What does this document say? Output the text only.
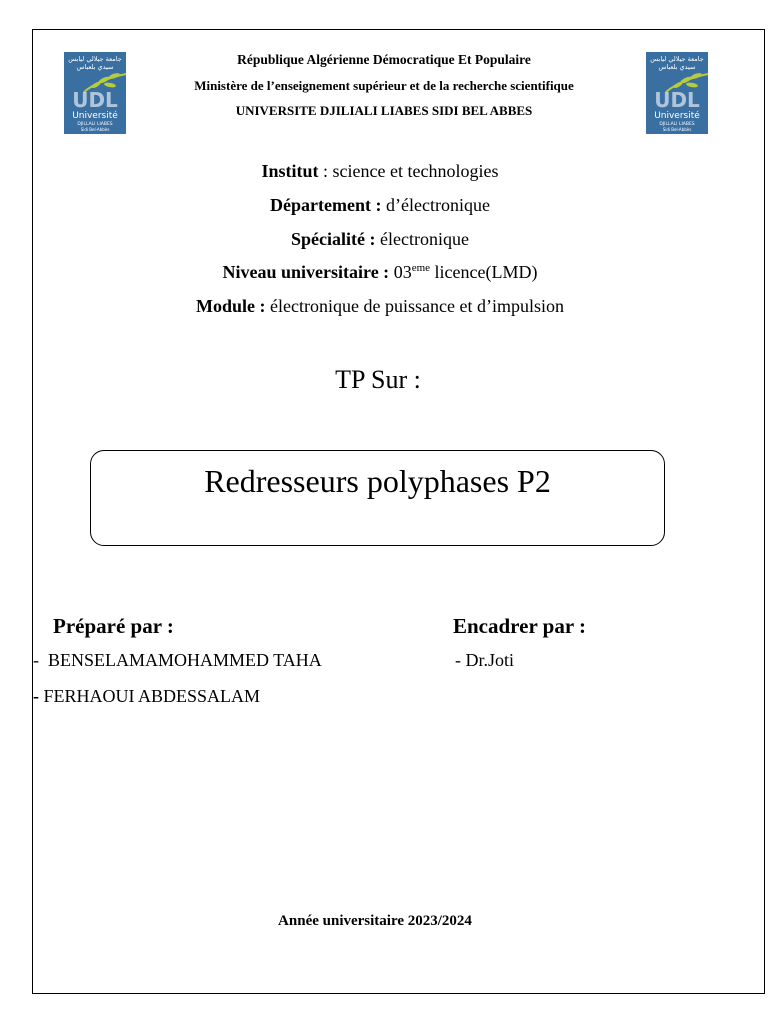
جامعة جيلالي ليابس
سيدي بلعباس
UDL
Université
DJILLALI LIABES
Sidi Bel-Abbès
جامعة جيلالي ليابس
سيدي بلعباس
UDL
Université
DJILLALI LIABES
Sidi Bel-Abbès
République Algérienne Démocratique Et Populaire
Ministère de l’enseignement supérieur et de la recherche scientifique
UNIVERSITE DJILIALI LIABES SIDI BEL ABBES
Institut : science et technologies
Département : d’électronique
Spécialité : électronique
Niveau universitaire : 03eme licence(LMD)
Module : électronique de puissance et d’impulsion
TP Sur :
Redresseurs polyphases P2
Préparé par :	Encadrer par :
-  BENSELAMAMOHAMMED TAHA
- FERHAOUI ABDESSALAM
- Dr.Joti
Année universitaire 2023/2024
